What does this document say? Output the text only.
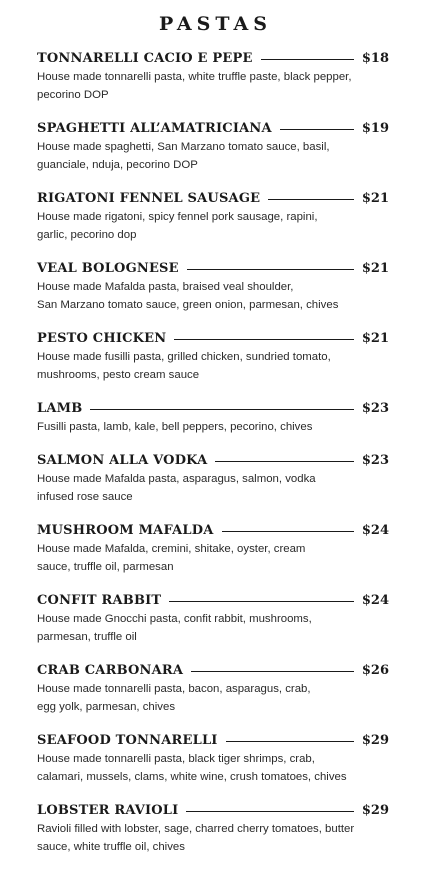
PASTAS
TONNARELLI CACIO E PEPE	$18
House made tonnarelli pasta, white truffle paste, black pepper,
pecorino DOP
SPAGHETTI ALL’AMATRICIANA	$19
House made spaghetti, San Marzano tomato sauce, basil,
guanciale, nduja, pecorino DOP
RIGATONI FENNEL SAUSAGE	$21
House made rigatoni, spicy fennel pork sausage, rapini,
garlic, pecorino dop
VEAL BOLOGNESE	$21
House made Mafalda pasta, braised veal shoulder,
San Marzano tomato sauce, green onion, parmesan, chives
PESTO CHICKEN	$21
House made fusilli pasta, grilled chicken, sundried tomato,
mushrooms, pesto cream sauce
LAMB	$23
Fusilli pasta, lamb, kale, bell peppers, pecorino, chives
SALMON ALLA VODKA	$23
House made Mafalda pasta, asparagus, salmon, vodka
infused rose sauce
MUSHROOM MAFALDA	$24
House made Mafalda, cremini, shitake, oyster, cream
sauce, truffle oil, parmesan
CONFIT RABBIT	$24
House made Gnocchi pasta, confit rabbit, mushrooms,
parmesan, truffle oil
CRAB CARBONARA	$26
House made tonnarelli pasta, bacon, asparagus, crab,
egg yolk, parmesan, chives
SEAFOOD TONNARELLI	$29
House made tonnarelli pasta, black tiger shrimps, crab,
calamari, mussels, clams, white wine, crush tomatoes, chives
LOBSTER RAVIOLI	$29
Ravioli filled with lobster, sage, charred cherry tomatoes, butter
sauce, white truffle oil, chives
